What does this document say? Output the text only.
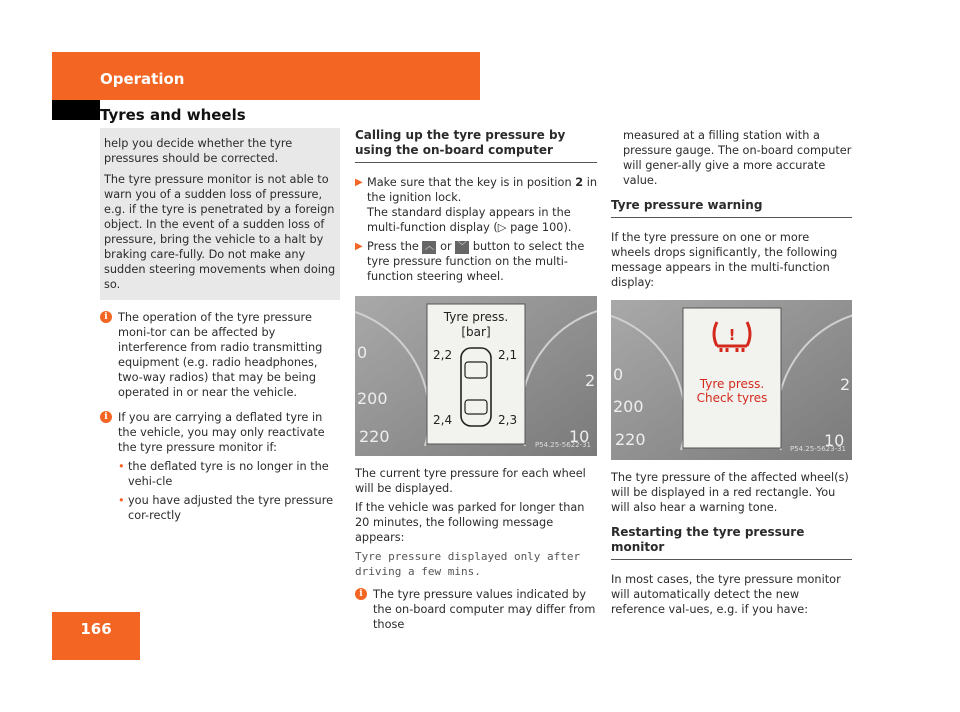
Operation
Tyres and wheels

help you decide whether the tyre pressures should be corrected.

The tyre pressure monitor is not able to warn you of a sudden loss of pressure, e.g. if the tyre is penetrated by a foreign object. In the event of a sudden loss of pressure, bring the vehicle to a halt by braking care-fully. Do not make any sudden steering movements when doing so.

i The operation of the tyre pressure moni-tor can be affected by interference from radio transmitting equipment (e.g. radio headphones, two-way radios) that may be being operated in or near the vehicle.
i If you are carrying a deflated tyre in the vehicle, you may only reactivate the tyre pressure monitor if:
• the deflated tyre is no longer in the vehi-cle
• you have adjusted the tyre pressure cor-rectly
Calling up the tyre pressure by using the on-board computer
▶ Make sure that the key is in position 2 in the ignition lock.
The standard display appears in the multi-function display (▷ page 100).
▶ Press the ︿ or ﹀ button to select the tyre pressure function on the multi-function steering wheel.
Tyre press.
[bar]
2,2	2,1
2,4	2,3
0
200
220
2
10
P54.25-5622-31

The current tyre pressure for each wheel will be displayed.

If the vehicle was parked for longer than 20 minutes, the following message appears:

Tyre pressure displayed only after
driving a few mins.
i The tyre pressure values indicated by the on-board computer may differ from those

measured at a filling station with a pressure gauge. The on-board computer will gener-ally give a more accurate value.

Tyre pressure warning

If the tyre pressure on one or more wheels drops significantly, the following message appears in the multi-function display:

!
Tyre press.
Check tyres
0
200
220
2
10
P54.25-5623-31

The tyre pressure of the affected wheel(s) will be displayed in a red rectangle. You will also hear a warning tone.

Restarting the tyre pressure monitor

In most cases, the tyre pressure monitor will automatically detect the new reference val-ues, e.g. if you have:

166
